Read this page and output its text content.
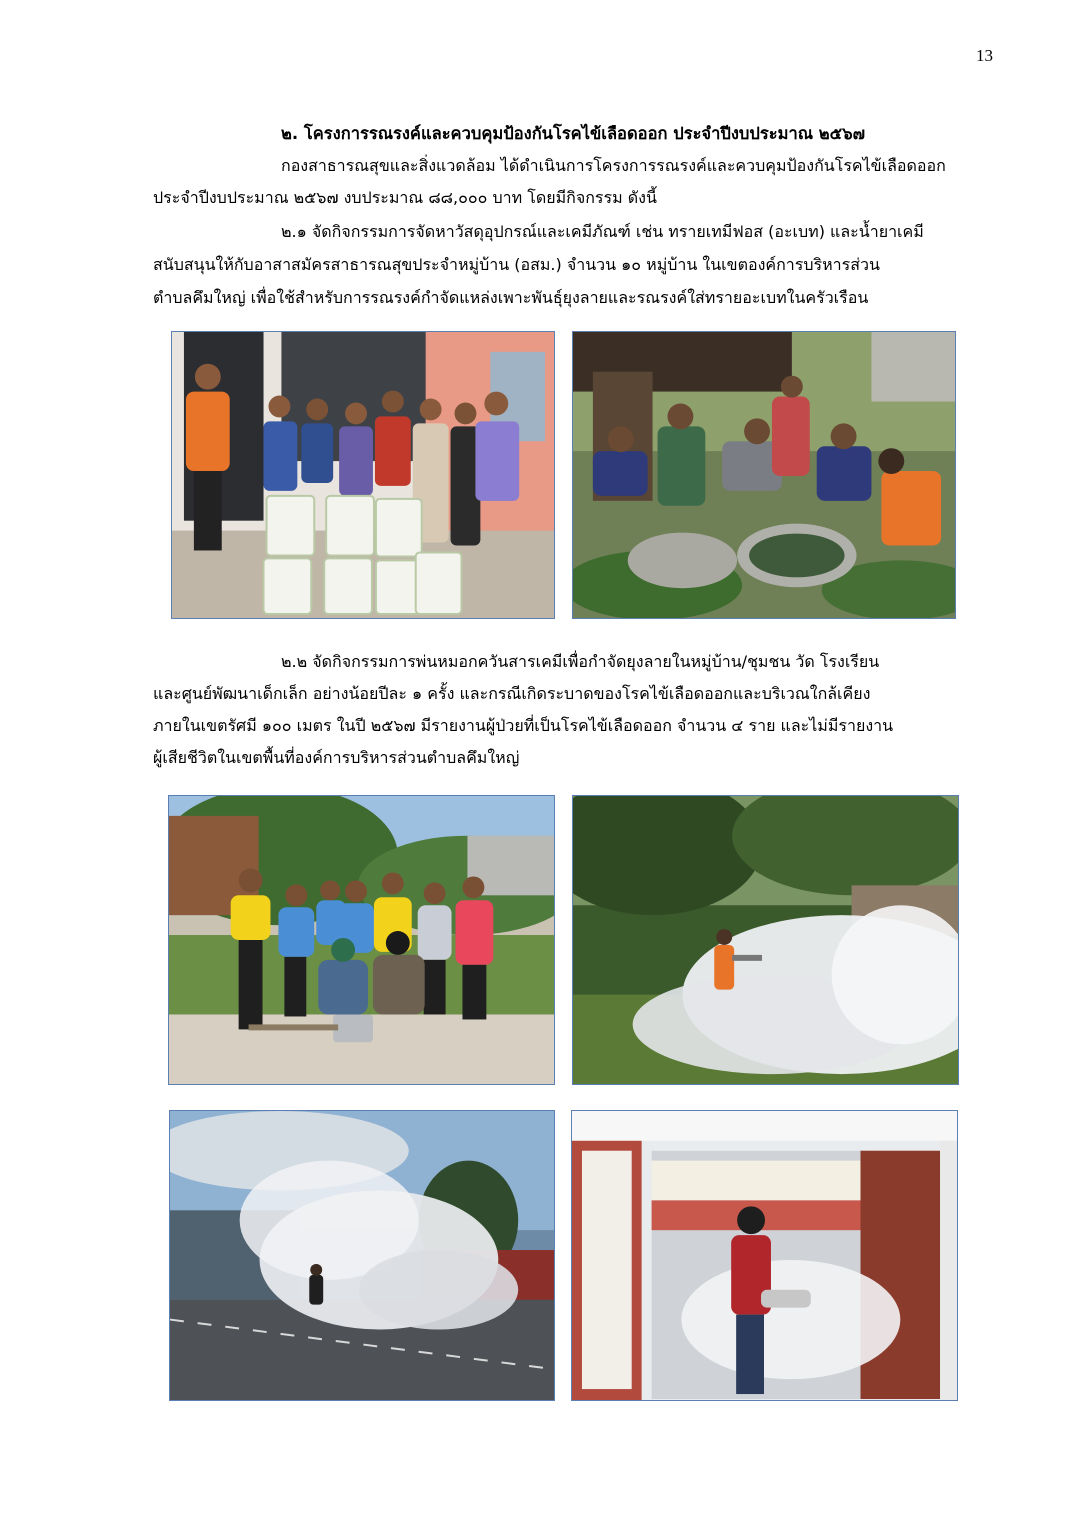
13
๒. โครงการรณรงค์และควบคุมป้องกันโรคไข้เลือดออก ประจำปีงบประมาณ ๒๕๖๗
กองสาธารณสุขและสิ่งแวดล้อม ได้ดำเนินการโครงการรณรงค์และควบคุมป้องกันโรคไข้เลือดออก
ประจำปีงบประมาณ ๒๕๖๗ งบประมาณ ๘๘,๐๐๐ บาท โดยมีกิจกรรม ดังนี้
๒.๑ จัดกิจกรรมการจัดหาวัสดุอุปกรณ์และเคมีภัณฑ์ เช่น ทรายเทมีฟอส (อะเบท) และน้ำยาเคมี
สนับสนุนให้กับอาสาสมัครสาธารณสุขประจำหมู่บ้าน (อสม.) จำนวน ๑๐ หมู่บ้าน ในเขตองค์การบริหารส่วน
ตำบลคึมใหญ่ เพื่อใช้สำหรับการรณรงค์กำจัดแหล่งเพาะพันธุ์ยุงลายและรณรงค์ใส่ทรายอะเบทในครัวเรือน
๒.๒ จัดกิจกรรมการพ่นหมอกควันสารเคมีเพื่อกำจัดยุงลายในหมู่บ้าน/ชุมชน วัด โรงเรียน
และศูนย์พัฒนาเด็กเล็ก อย่างน้อยปีละ ๑ ครั้ง และกรณีเกิดระบาดของโรคไข้เลือดออกและบริเวณใกล้เคียง
ภายในเขตรัศมี ๑๐๐ เมตร ในปี ๒๕๖๗ มีรายงานผู้ป่วยที่เป็นโรคไข้เลือดออก จำนวน ๔ ราย และไม่มีรายงาน
ผู้เสียชีวิตในเขตพื้นที่องค์การบริหารส่วนตำบลคึมใหญ่
